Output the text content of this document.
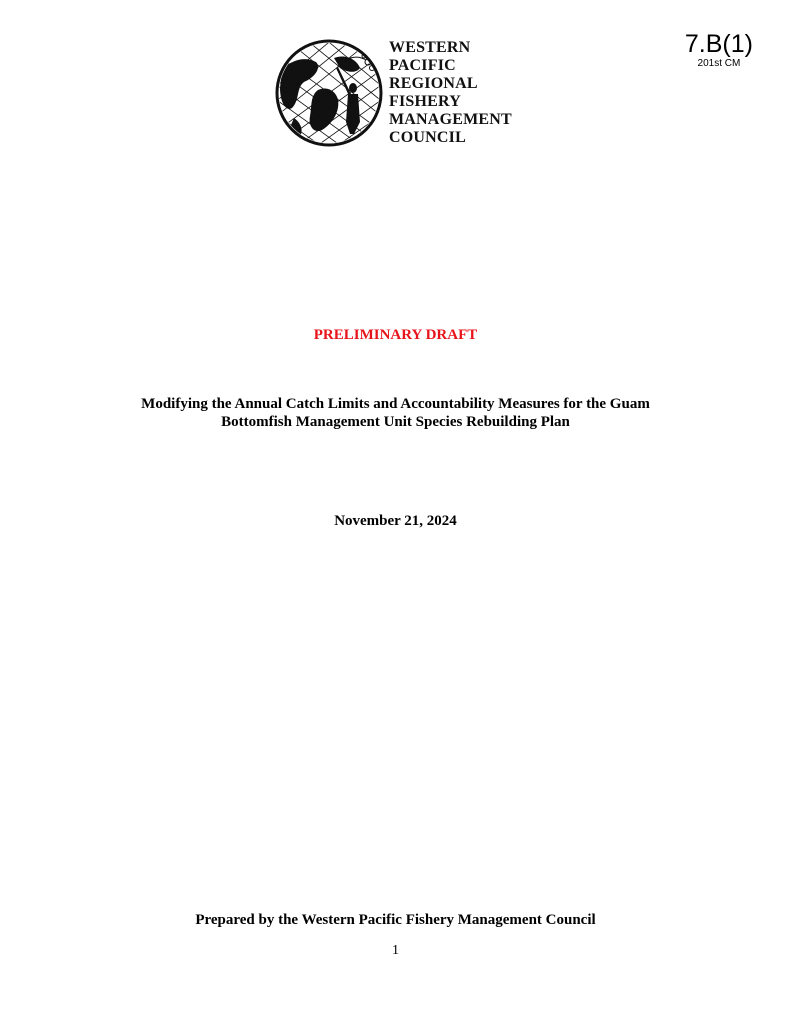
7.B(1)
201st CM
WESTERN
PACIFIC
REGIONAL
FISHERY
MANAGEMENT
COUNCIL
PRELIMINARY DRAFT
Modifying the Annual Catch Limits and Accountability Measures for the Guam
Bottomfish Management Unit Species Rebuilding Plan
November 21, 2024
Prepared by the Western Pacific Fishery Management Council
1
